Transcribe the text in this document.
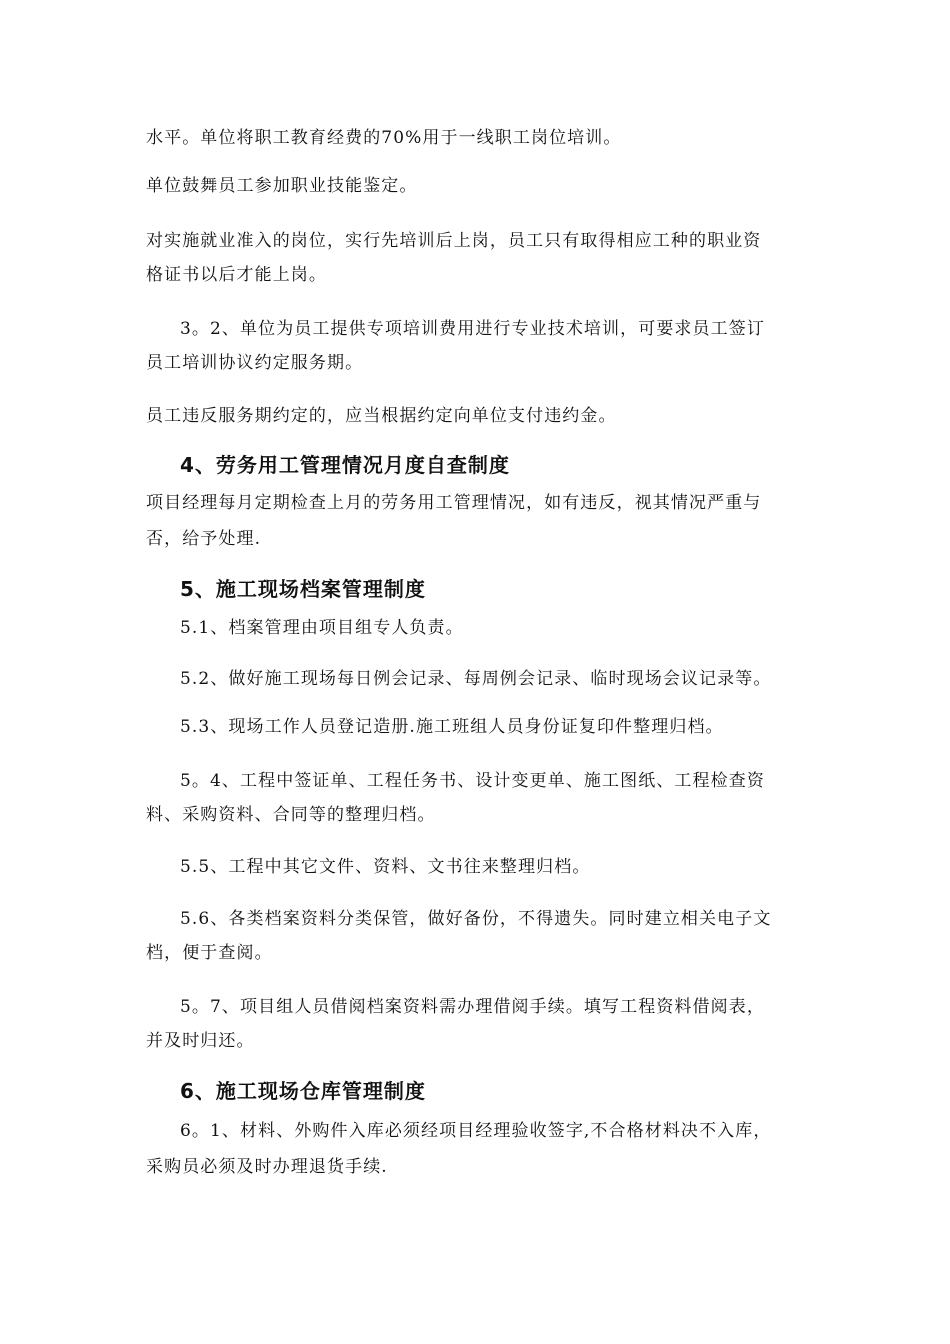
水平。单位将职工教育经费的70%用于一线职工岗位培训。
单位鼓舞员工参加职业技能鉴定。
对实施就业准入的岗位，实行先培训后上岗，员工只有取得相应工种的职业资
格证书以后才能上岗。
3。2、单位为员工提供专项培训费用进行专业技术培训，可要求员工签订
员工培训协议约定服务期。
员工违反服务期约定的，应当根据约定向单位支付违约金。
4、劳务用工管理情况月度自查制度
项目经理每月定期检查上月的劳务用工管理情况，如有违反，视其情况严重与
否，给予处理.
5、施工现场档案管理制度
5.1、档案管理由项目组专人负责。
5.2、做好施工现场每日例会记录、每周例会记录、临时现场会议记录等。
5.3、现场工作人员登记造册.施工班组人员身份证复印件整理归档。
5。4、工程中签证单、工程任务书、设计变更单、施工图纸、工程检查资
料、采购资料、合同等的整理归档。
5.5、工程中其它文件、资料、文书往来整理归档。
5.6、各类档案资料分类保管，做好备份，不得遗失。同时建立相关电子文
档，便于查阅。
5。7、项目组人员借阅档案资料需办理借阅手续。填写工程资料借阅表，
并及时归还。
6、施工现场仓库管理制度
6。1、材料、外购件入库必须经项目经理验收签字,不合格材料决不入库，
采购员必须及时办理退货手续.
